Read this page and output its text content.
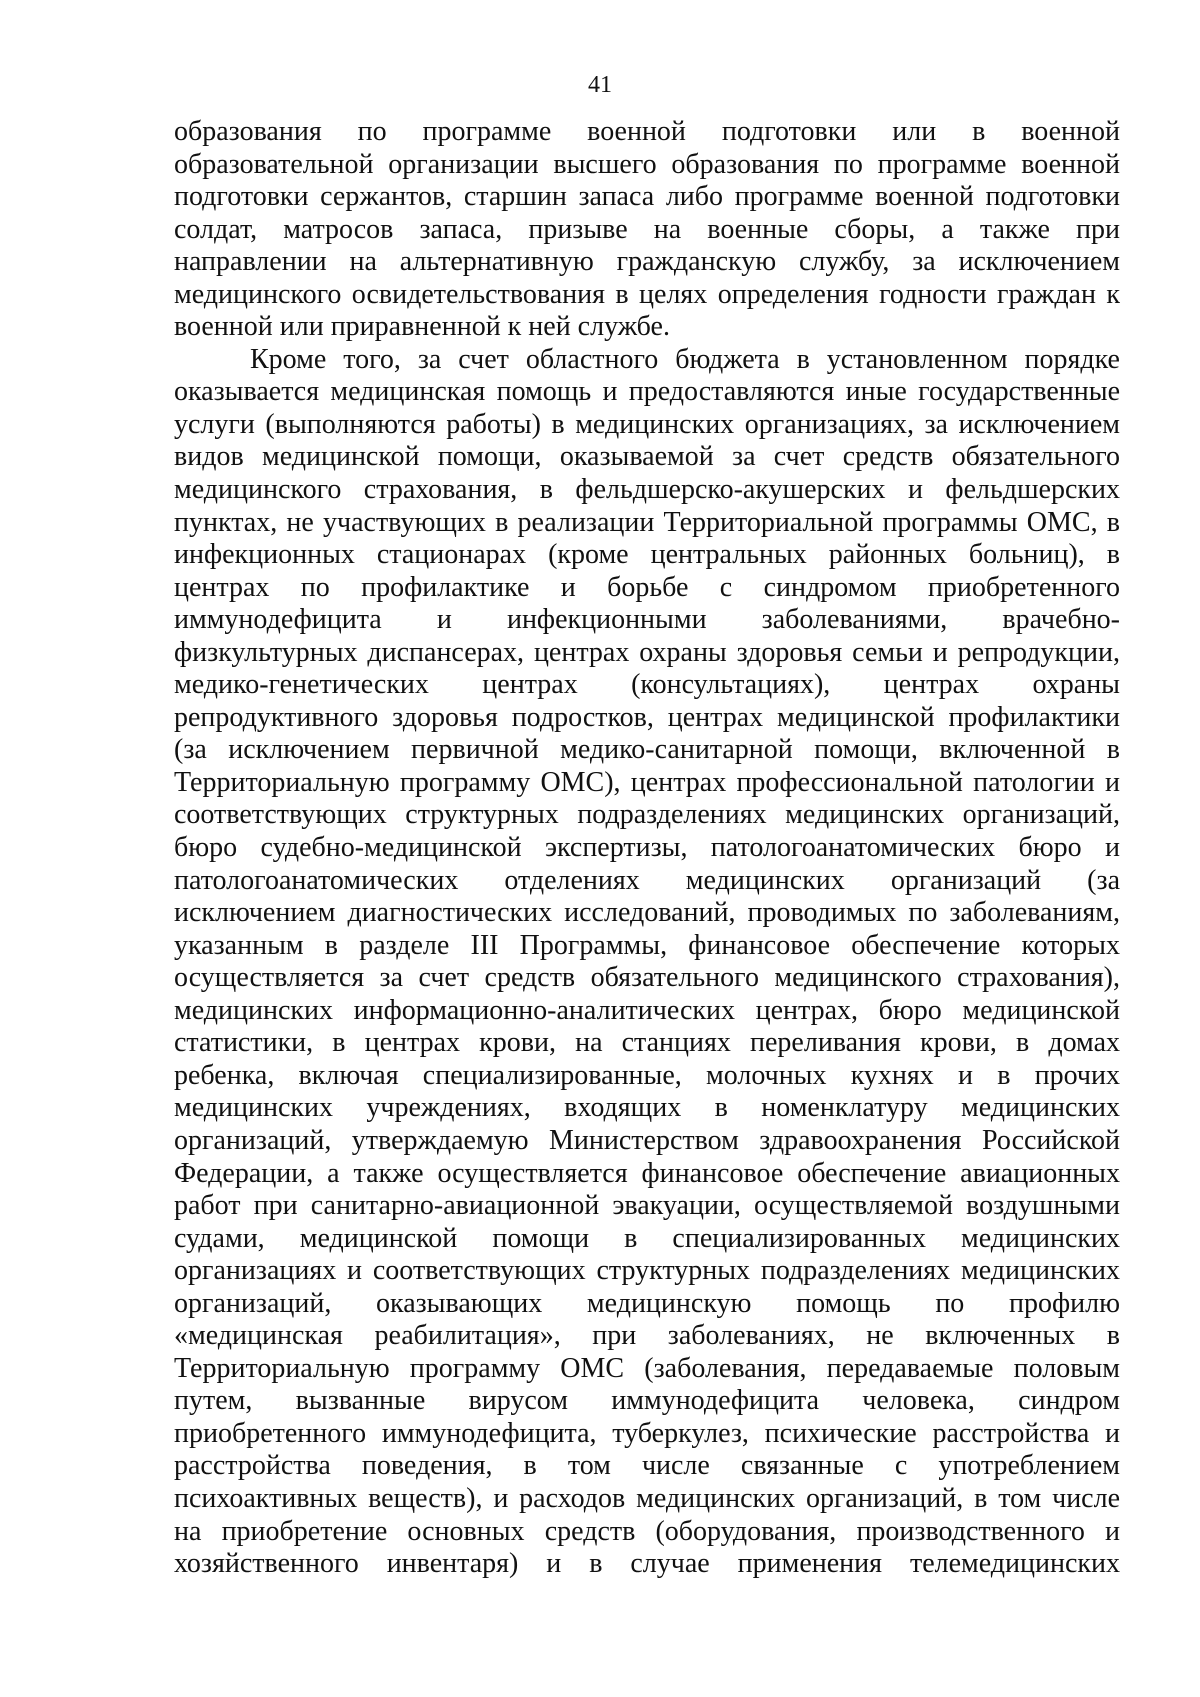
41
образования по программе военной подготовки или в военной
образовательной организации высшего образования по программе военной
подготовки сержантов, старшин запаса либо программе военной подготовки
солдат, матросов запаса, призыве на военные сборы, а также при
направлении на альтернативную гражданскую службу, за исключением
медицинского освидетельствования в целях определения годности граждан к
военной или приравненной к ней службе.
Кроме того, за счет областного бюджета в установленном порядке
оказывается медицинская помощь и предоставляются иные государственные
услуги (выполняются работы) в медицинских организациях, за исключением
видов медицинской помощи, оказываемой за счет средств обязательного
медицинского страхования, в фельдшерско-акушерских и фельдшерских
пунктах, не участвующих в реализации Территориальной программы ОМС, в
инфекционных стационарах (кроме центральных районных больниц), в
центрах по профилактике и борьбе с синдромом приобретенного
иммунодефицита и инфекционными заболеваниями, врачебно-
физкультурных диспансерах, центрах охраны здоровья семьи и репродукции,
медико-генетических центрах (консультациях), центрах охраны
репродуктивного здоровья подростков, центрах медицинской профилактики
(за исключением первичной медико-санитарной помощи, включенной в
Территориальную программу ОМС), центрах профессиональной патологии и
соответствующих структурных подразделениях медицинских организаций,
бюро судебно-медицинской экспертизы, патологоанатомических бюро и
патологоанатомических отделениях медицинских организаций (за
исключением диагностических исследований, проводимых по заболеваниям,
указанным в разделе III Программы, финансовое обеспечение которых
осуществляется за счет средств обязательного медицинского страхования),
медицинских информационно-аналитических центрах, бюро медицинской
статистики, в центрах крови, на станциях переливания крови, в домах
ребенка, включая специализированные, молочных кухнях и в прочих
медицинских учреждениях, входящих в номенклатуру медицинских
организаций, утверждаемую Министерством здравоохранения Российской
Федерации, а также осуществляется финансовое обеспечение авиационных
работ при санитарно-авиационной эвакуации, осуществляемой воздушными
судами, медицинской помощи в специализированных медицинских
организациях и соответствующих структурных подразделениях медицинских
организаций, оказывающих медицинскую помощь по профилю
«медицинская реабилитация», при заболеваниях, не включенных в
Территориальную программу ОМС (заболевания, передаваемые половым
путем, вызванные вирусом иммунодефицита человека, синдром
приобретенного иммунодефицита, туберкулез, психические расстройства и
расстройства поведения, в том числе связанные с употреблением
психоактивных веществ), и расходов медицинских организаций, в том числе
на приобретение основных средств (оборудования, производственного и
хозяйственного инвентаря) и в случае применения телемедицинских
